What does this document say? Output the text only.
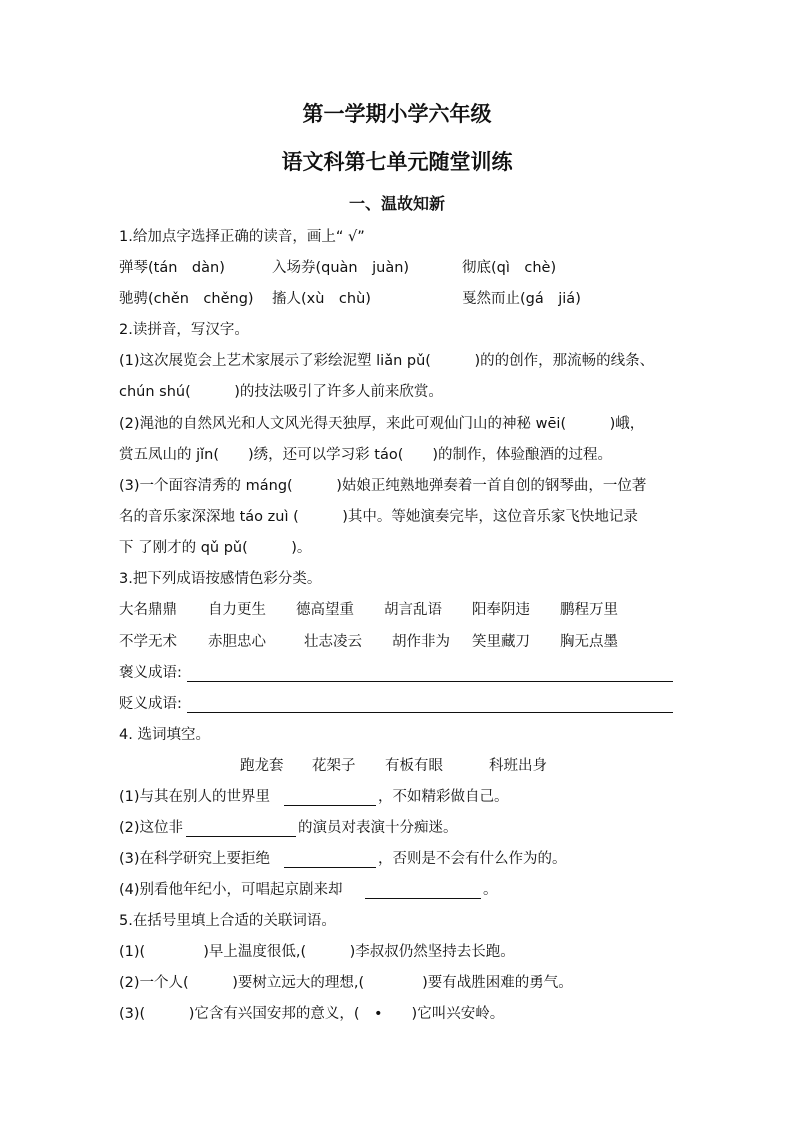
第一学期小学六年级
语文科第七单元随堂训练
一、温故知新
1.给加点字选择正确的读音，画上“ √”
弹琴(tán　dàn)	入场券(quàn　juàn)	彻底(qì　chè)
驰骋(chěn　chěng) 搐人(xù　chù)	戛然而止(gá　jiá)
2.读拼音，写汉字。
(1)这次展览会上艺术家展示了彩绘泥塑 liǎn pǔ(　　　)的的创作，那流畅的线条、
chún shú(　　　)的技法吸引了许多人前来欣赏。
(2)渑池的自然风光和人文风光得天独厚，来此可观仙门山的神秘 wēi(　　　)峨，
赏五凤山的 jǐn(　　)绣，还可以学习彩 táo(　　)的制作，体验酿酒的过程。
(3)一个面容清秀的 máng(　　　)姑娘正纯熟地弹奏着一首自创的钢琴曲，一位著
名的音乐家深深地 táo zuì (　　　)其中。等她演奏完毕，这位音乐家飞快地记录
下 了刚才的 qǔ pǔ(　　　)。
3.把下列成语按感情色彩分类。
大名鼎鼎 自力更生 德高望重 胡言乱语 阳奉阴违 鹏程万里
不学无术 赤胆忠心	壮志凌云 胡作非为 笑里藏刀 胸无点墨
褒义成语:
贬义成语:
4. 选词填空。
跑龙套 花架子 有板有眼	科班出身
(1)与其在别人的世界里	，不如精彩做自己。
(2)这位非	的演员对表演十分痴迷。
(3)在科学研究上要拒绝	，否则是不会有什么作为的。
(4)别看他年纪小，可唱起京剧来却	。
5.在括号里填上合适的关联词语。
(1)(　　　　)早上温度很低,(　　　)李叔叔仍然坚持去长跑。
(2)一个人(　　　)要树立远大的理想,(　　　　)要有战胜困难的勇气。
(3)(　　　)它含有兴国安邦的意义，(　•　　)它叫兴安岭。
